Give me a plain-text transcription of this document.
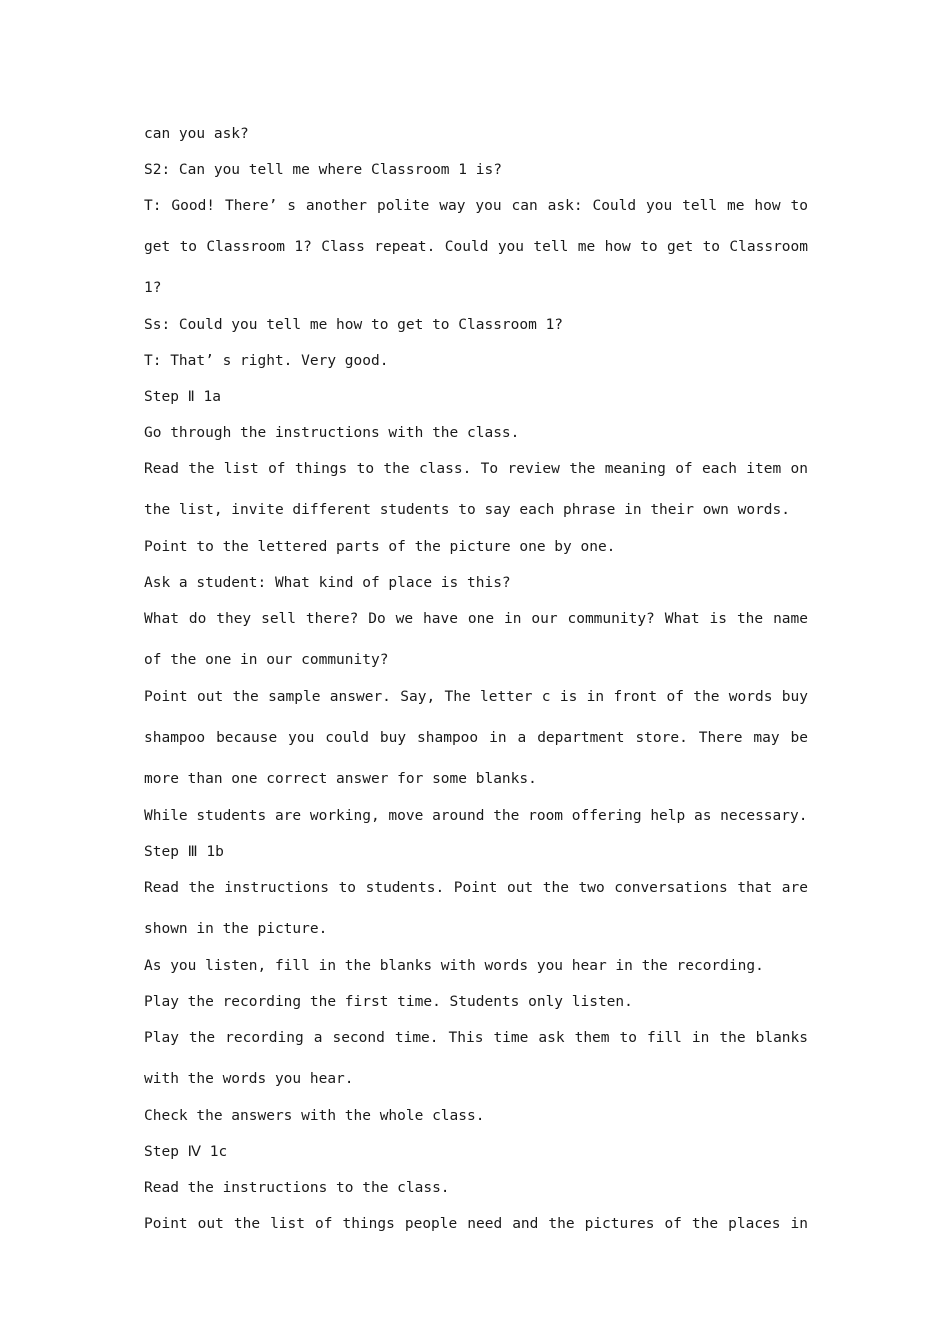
can you ask?

S2: Can you tell me where Classroom 1 is?

T: Good! There’ s another polite way you can ask: Could you tell me how to get to Classroom 1? Class repeat. Could you tell me how to get to Classroom 1?

Ss: Could you tell me how to get to Classroom 1?

T: That’ s right. Very good.

Step Ⅱ 1a

Go through the instructions with the class.

Read the list of things to the class. To review the meaning of each item on the list, invite different students to say each phrase in their own words.

Point to the lettered parts of the picture one by one.

Ask a student: What kind of place is this?

What do they sell there? Do we have one in our community? What is the name of the one in our community?

Point out the sample answer. Say, The letter c is in front of the words buy shampoo because you could buy shampoo in a department store. There may be more than one correct answer for some blanks.

While students are working, move around the room offering help as necessary.

Step Ⅲ 1b

Read the instructions to students. Point out the two conversations that are shown in the picture.

As you listen, fill in the blanks with words you hear in the recording.

Play the recording the first time. Students only listen.

Play the recording a second time. This time ask them to fill in the blanks with the words you hear.

Check the answers with the whole class.

Step Ⅳ 1c

Read the instructions to the class.

Point out the list of things people need and the pictures of the places in
